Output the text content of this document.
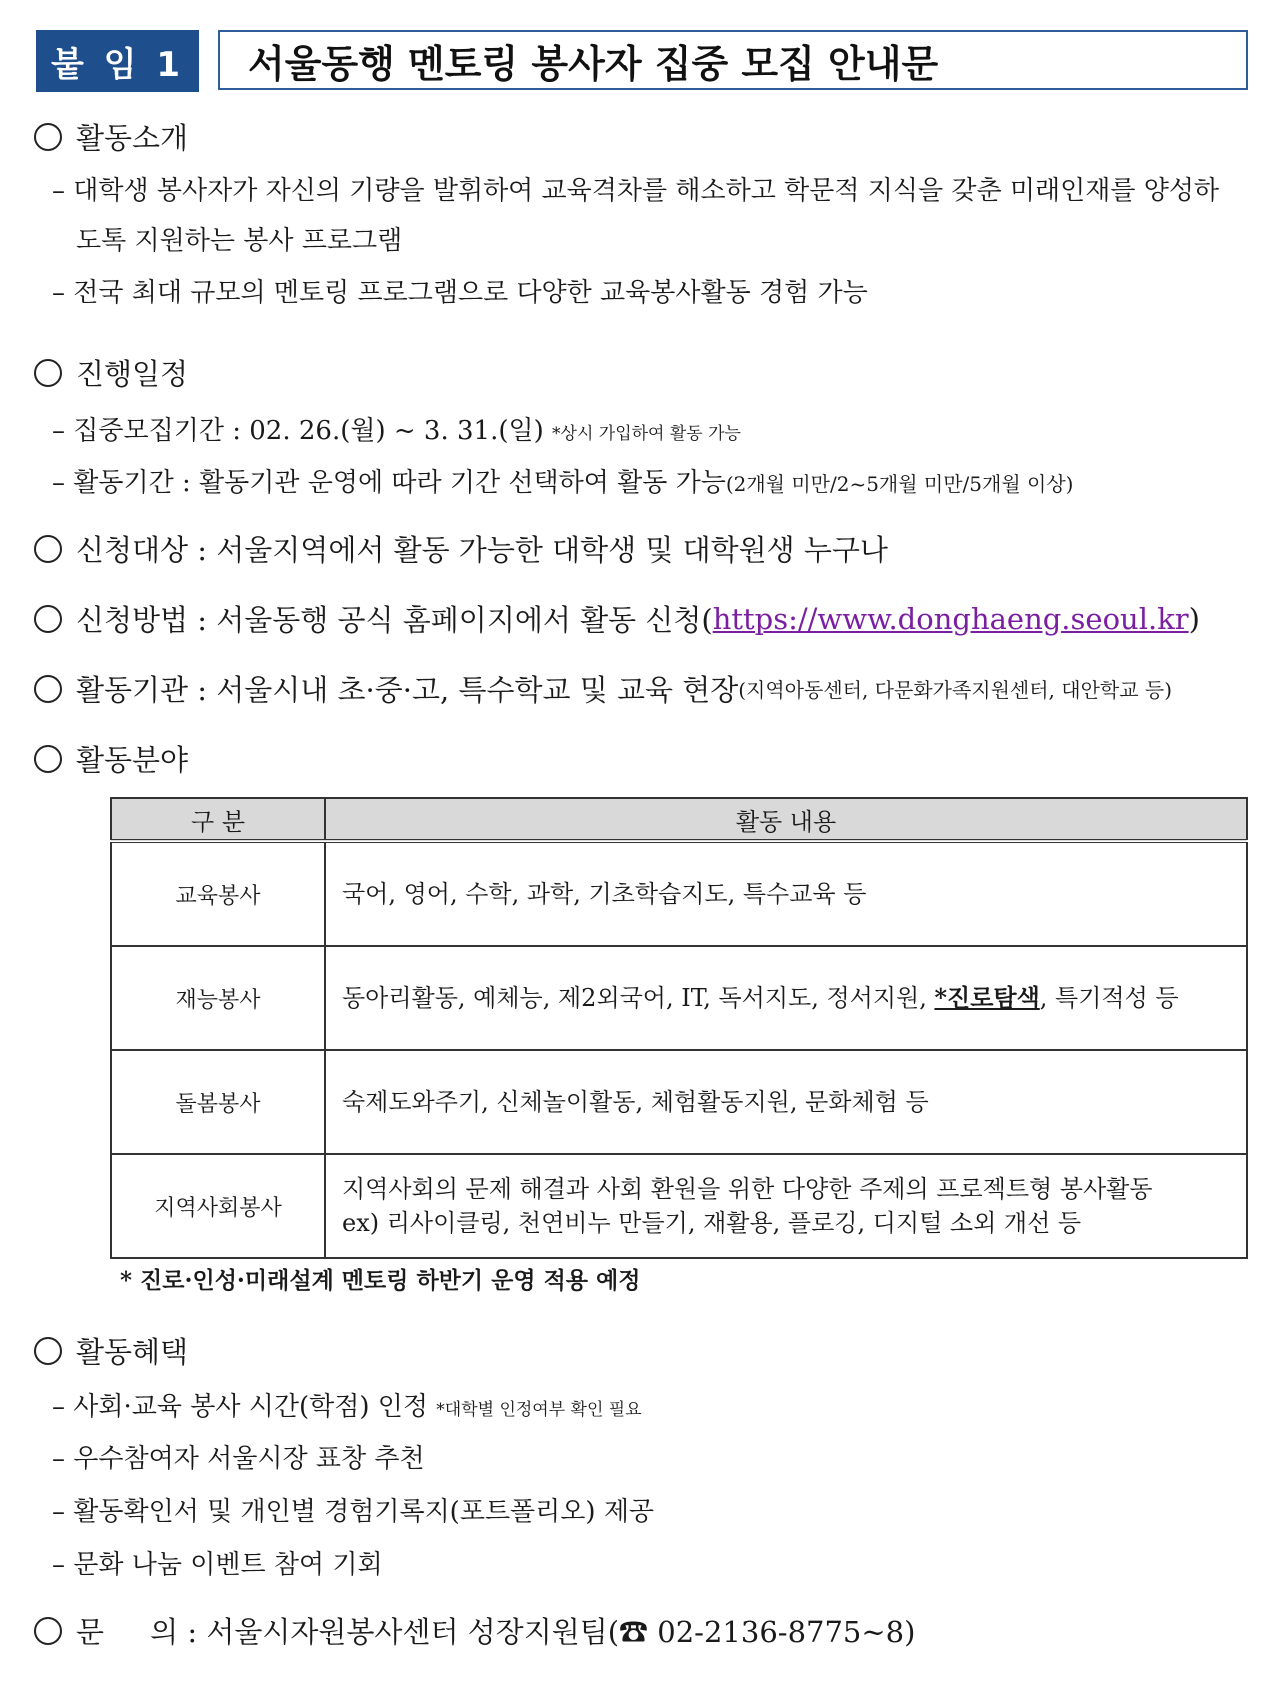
붙 임 1	서울동행 멘토링 봉사자 집중 모집 안내문
활동소개
– 대학생 봉사자가 자신의 기량을 발휘하여 교육격차를 해소하고 학문적 지식을 갖춘 미래인재를 양성하
도톡 지원하는 봉사 프로그램
– 전국 최대 규모의 멘토링 프로그램으로 다양한 교육봉사활동 경험 가능
진행일정
– 집중모집기간 : 02. 26.(월) ~ 3. 31.(일) *상시 가입하여 활동 가능
– 활동기간 : 활동기관 운영에 따라 기간 선택하여 활동 가능(2개월 미만/2~5개월 미만/5개월 이상)
신청대상 : 서울지역에서 활동 가능한 대학생 및 대학원생 누구나
신청방법 : 서울동행 공식 홈페이지에서 활동 신청( https://www.donghaeng.seoul.kr )
활동기관 : 서울시내 초·중·고, 특수학교 및 교육 현장 (지역아동센터, 다문화가족지원센터, 대안학교 등)
활동분야
구 분	활동 내용
교육봉사	국어, 영어, 수학, 과학, 기초학습지도, 특수교육 등
재능봉사	동아리활동, 예체능, 제2외국어, IT, 독서지도, 정서지원, *진로탐색, 특기적성 등
돌봄봉사	숙제도와주기, 신체놀이활동, 체험활동지원, 문화체험 등
지역사회봉사	지역사회의 문제 해결과 사회 환원을 위한 다양한 주제의 프로젝트형 봉사활동
ex) 리사이클링, 천연비누 만들기, 재활용, 플로깅, 디지털 소외 개선 등
* 진로·인성·미래설계 멘토링 하반기 운영 적용 예정
활동혜택
– 사회·교육 봉사 시간(학점) 인정 *대학별 인정여부 확인 필요
– 우수참여자 서울시장 표창 추천
– 활동확인서 및 개인별 경험기록지(포트폴리오) 제공
– 문화 나눔 이벤트 참여 기회
문     의 : 서울시자원봉사센터 성장지원팀(☎ 02-2136-8775~8)
